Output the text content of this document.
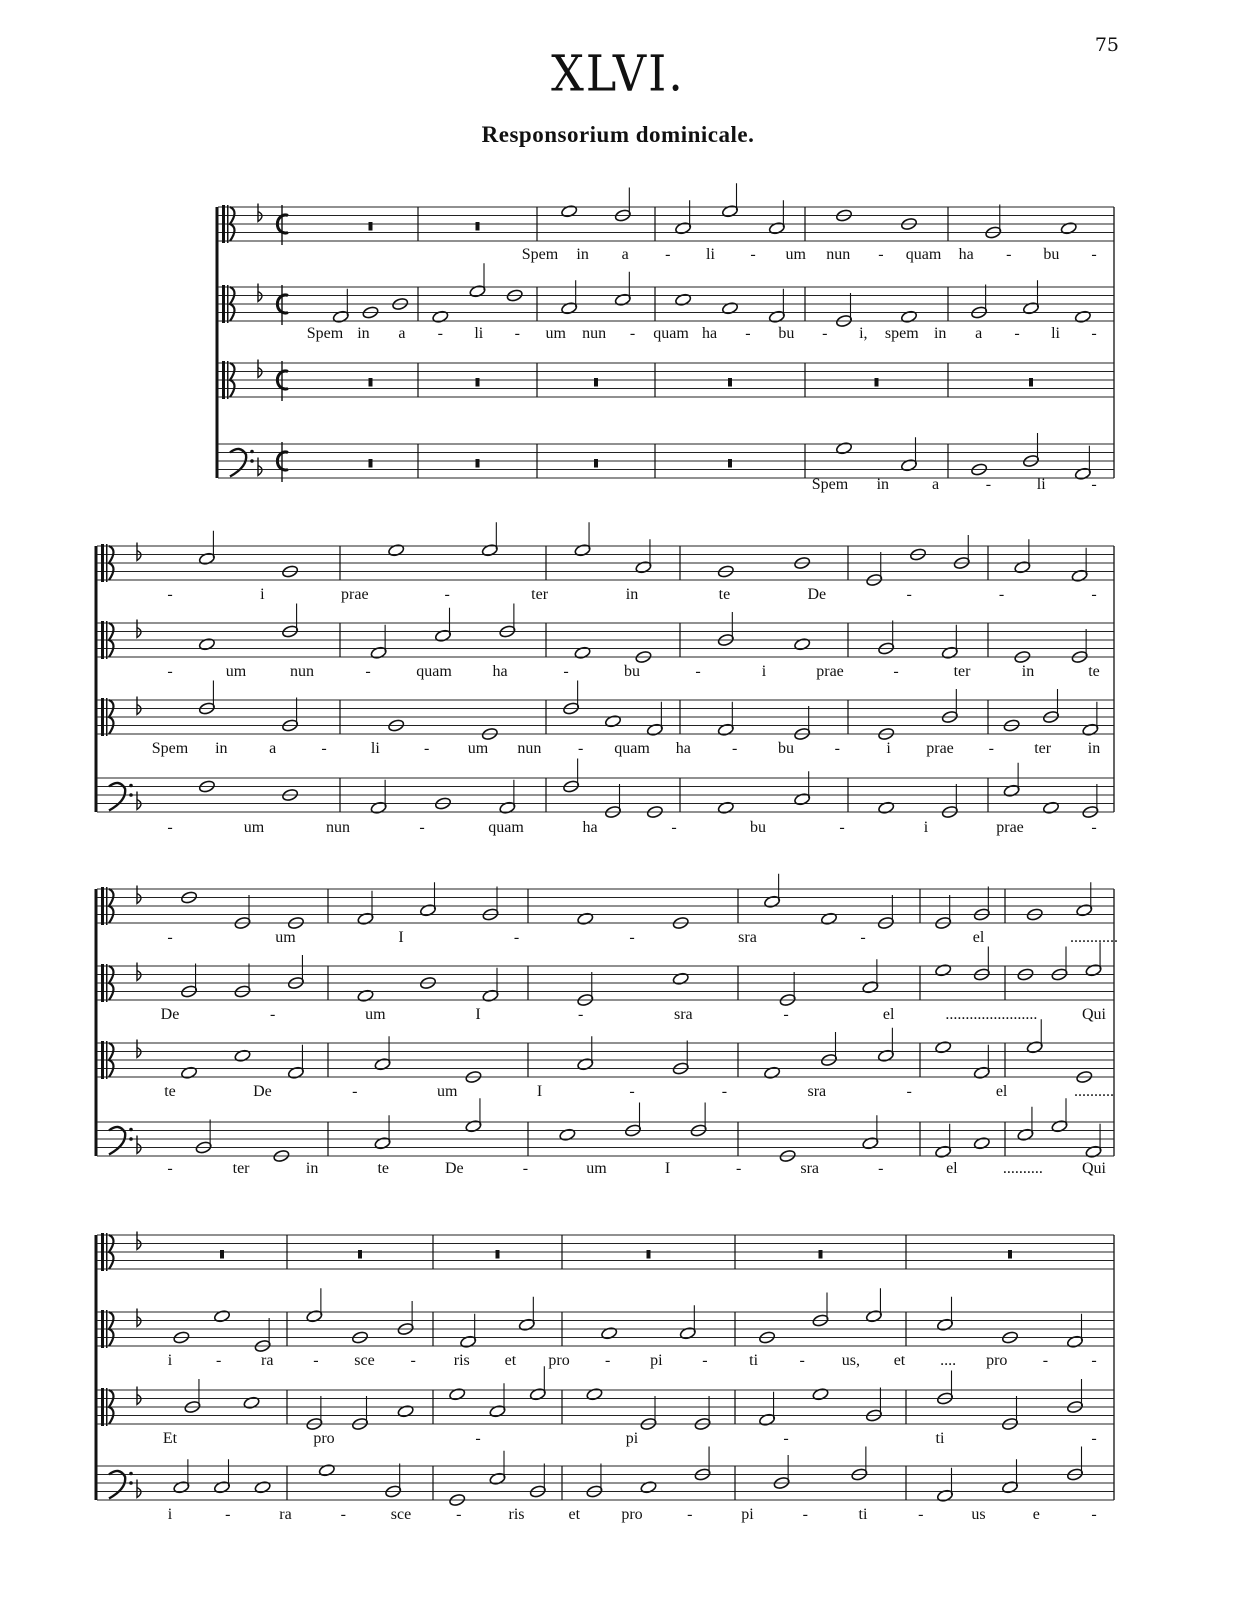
75
XLVI.
Responsorium dominicale.
Spem in a - li - um nun - quam ha - bu -
Spem in a - li - um nun - quam ha - bu - i, spem in a - li -
Spem in	a	-	li	-
-	i	prae	-	ter	in	te	De	-	-	-
-	um	nun	-	quam	ha	-	bu	-	i	prae	-	ter	in	te
Spem in	a	-	li	- um nun - quam ha	-	bu	-	i prae -	ter in
-	um	nun	-	quam	ha	-	bu	-	i	prae	-
-	um	I	-	-	sra	-	el	............
De	-	um	I	-	sra	-	el	.......................	Qui
te	De	-	um	I	-	-	sra	-	el	..........
-	ter	in	te	De	-	um	I	-	sra	-	el	.......... Qui
i	- ra - sce - ris et pro - pi -	ti	- us, et .... pro -	-
Et	pro	-	pi	-	ti	-
i	-	ra	-	sce	-	ris	et	pro	-	pi	-	ti	-	us	e	-
